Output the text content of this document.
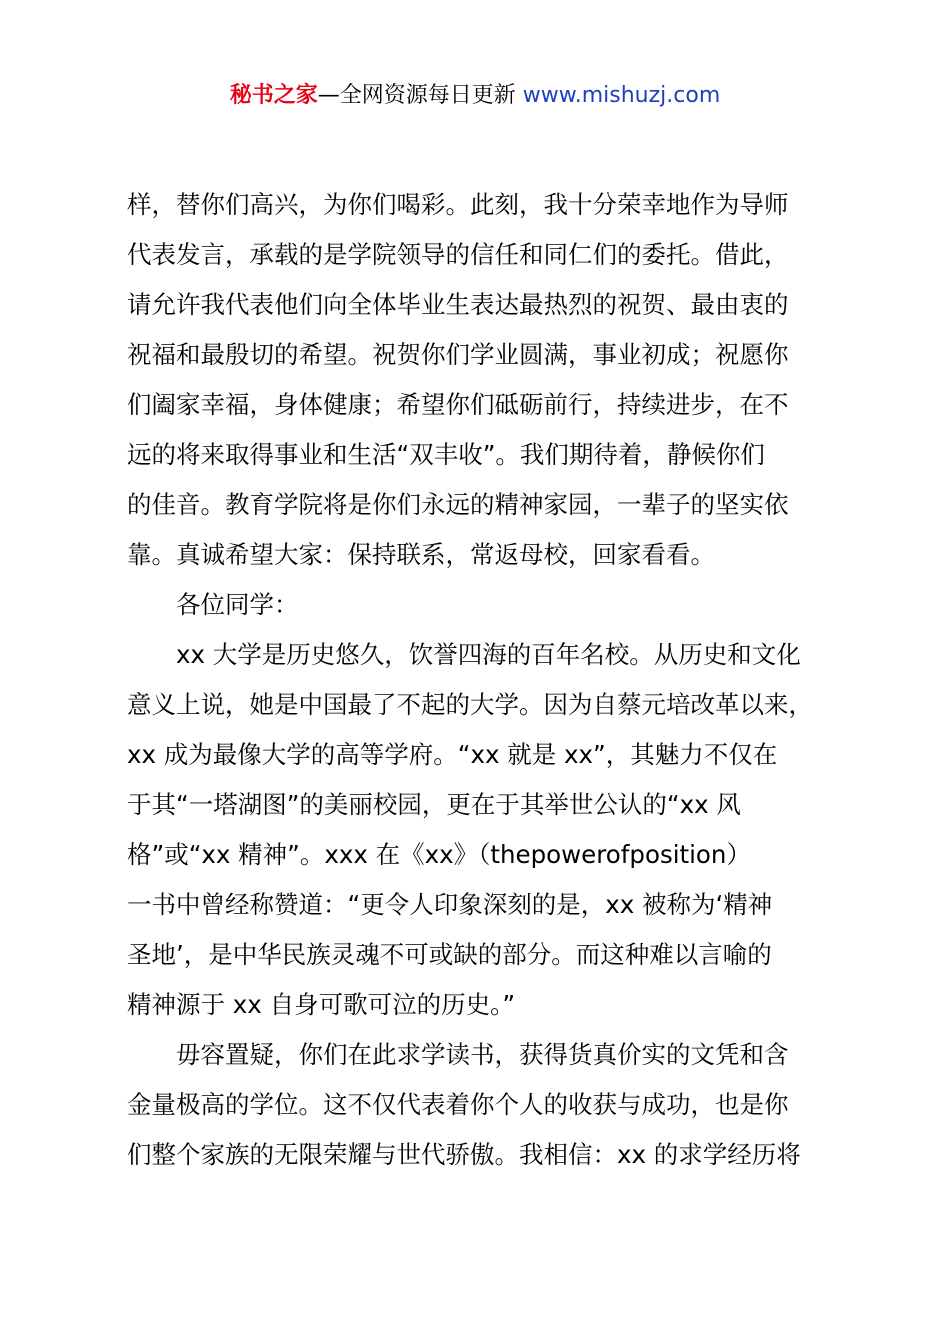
秘书之家—全网资源每日更新 www.mishuzj.com
样，替你们高兴，为你们喝彩。此刻，我十分荣幸地作为导师
代表发言，承载的是学院领导的信任和同仁们的委托。借此，
请允许我代表他们向全体毕业生表达最热烈的祝贺、最由衷的
祝福和最殷切的希望。祝贺你们学业圆满，事业初成；祝愿你
们阖家幸福，身体健康；希望你们砥砺前行，持续进步，在不
远的将来取得事业和生活“双丰收”。我们期待着，静候你们
的佳音。教育学院将是你们永远的精神家园，一辈子的坚实依
靠。真诚希望大家：保持联系，常返母校，回家看看。
各位同学：
xx 大学是历史悠久，饮誉四海的百年名校。从历史和文化
意义上说，她是中国最了不起的大学。因为自蔡元培改革以来，
xx 成为最像大学的高等学府。“xx 就是 xx”，其魅力不仅在
于其“一塔湖图”的美丽校园，更在于其举世公认的“xx 风
格”或“xx 精神”。xxx 在《xx》（thepowerofposition）
一书中曾经称赞道：“更令人印象深刻的是，xx 被称为‘精神
圣地’，是中华民族灵魂不可或缺的部分。而这种难以言喻的
精神源于 xx 自身可歌可泣的历史。”
毋容置疑，你们在此求学读书，获得货真价实的文凭和含
金量极高的学位。这不仅代表着你个人的收获与成功，也是你
们整个家族的无限荣耀与世代骄傲。我相信：xx 的求学经历将
